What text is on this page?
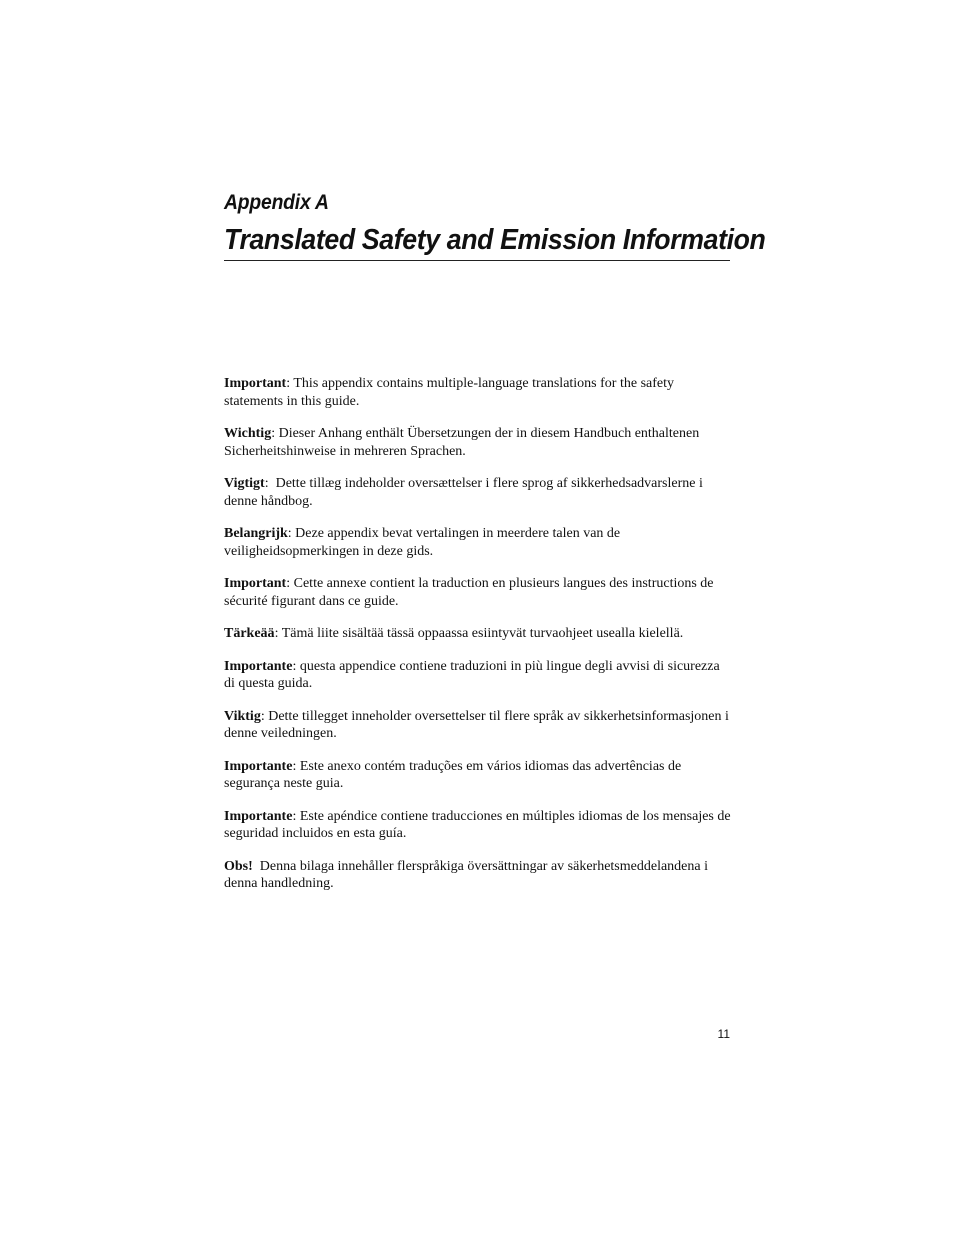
Appendix A

Translated Safety and Emission Information

Important: This appendix contains multiple-language translations for the safety statements in this guide.

Wichtig: Dieser Anhang enthält Übersetzungen der in diesem Handbuch enthaltenen Sicherheitshinweise in mehreren Sprachen.

Vigtigt:  Dette tillæg indeholder oversættelser i flere sprog af sikkerhedsadvarslerne i denne håndbog.

Belangrijk: Deze appendix bevat vertalingen in meerdere talen van de veiligheidsopmerkingen in deze gids.

Important: Cette annexe contient la traduction en plusieurs langues des instructions de sécurité figurant dans ce guide.

Tärkeää: Tämä liite sisältää tässä oppaassa esiintyvät turvaohjeet usealla kielellä.

Importante: questa appendice contiene traduzioni in più lingue degli avvisi di sicurezza di questa guida.

Viktig: Dette tillegget inneholder oversettelser til flere språk av sikkerhetsinformasjonen i denne veiledningen.

Importante: Este anexo contém traduções em vários idiomas das advertências de segurança neste guia.

Importante: Este apéndice contiene traducciones en múltiples idiomas de los mensajes de seguridad incluidos en esta guía.

Obs!  Denna bilaga innehåller flerspråkiga översättningar av säkerhetsmeddelandena i denna handledning.

11
